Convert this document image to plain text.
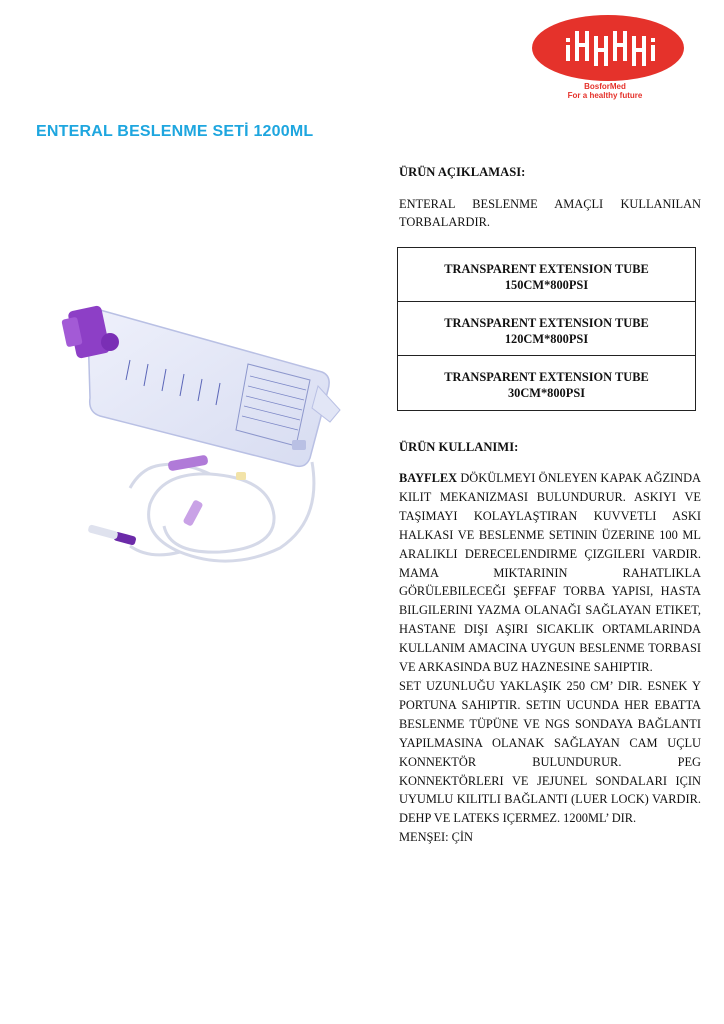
BosforMed
For a healthy future
ENTERAL BESLENME SETİ 1200ML
ÜRÜN AÇIKLAMASI:
ENTERAL BESLENME AMAÇLI KULLANILAN TORBALARDIR.
TRANSPARENT EXTENSION TUBE
150CM*800PSI
TRANSPARENT EXTENSION TUBE
120CM*800PSI
TRANSPARENT EXTENSION TUBE
30CM*800PSI
ÜRÜN KULLANIMI:

BAYFLEX DÖKÜLMEYI ÖNLEYEN KAPAK AĞZINDA KILIT MEKANIZMASI BULUNDURUR. ASKIYI VE TAŞIMAYI KOLAYLAŞTIRAN KUVVETLI ASKI HALKASI VE BESLENME SETININ ÜZERINE 100 ML ARALIKLI DERECELENDIRME ÇIZGILERI VARDIR. MAMA MIKTARININ RAHATLIKLA GÖRÜLEBILECEĞI ŞEFFAF TORBA YAPISI, HASTA BILGILERINI YAZMA OLANAĞI SAĞLAYAN ETIKET, HASTANE DIŞI AŞIRI SICAKLIK ORTAMLARINDA KULLANIM AMACINA UYGUN BESLENME TORBASI VE ARKASINDA BUZ HAZNESINE SAHIPTIR.

SET UZUNLUĞU YAKLAŞIK 250 CM’ DIR. ESNEK Y PORTUNA SAHIPTIR. SETIN UCUNDA HER EBATTA BESLENME TÜPÜNE VE NGS SONDAYA BAĞLANTI YAPILMASINA OLANAK SAĞLAYAN CAM UÇLU KONNEKTÖR BULUNDURUR. PEG KONNEKTÖRLERI VE JEJUNEL SONDALARI IÇIN UYUMLU KILITLI BAĞLANTI (LUER LOCK) VARDIR. DEHP VE LATEKS IÇERMEZ. 1200ML’ DIR.

MENŞEI: ÇİN
